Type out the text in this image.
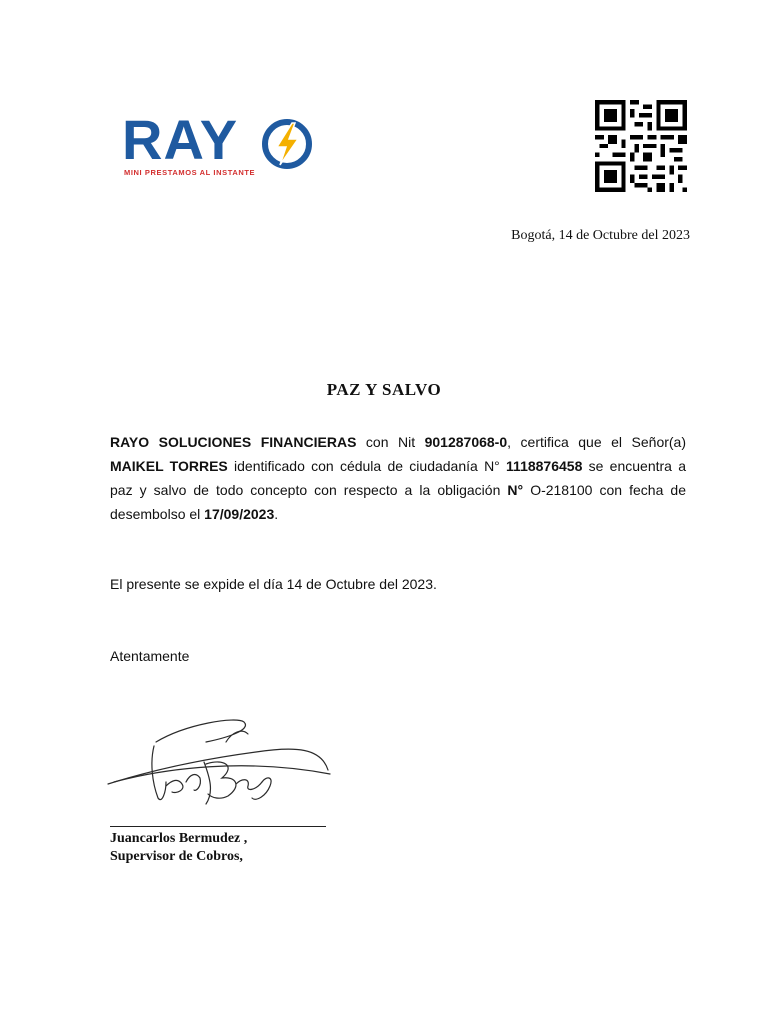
RAY
MINI PRESTAMOS AL INSTANTE
Bogotá, 14 de Octubre del 2023
PAZ Y SALVO
RAYO SOLUCIONES FINANCIERAS con Nit 901287068-0, certifica que el Señor(a) MAIKEL TORRES identificado con cédula de ciudadanía N° 1118876458 se encuentra a paz y salvo de todo concepto con respecto a la obligación N° O-218100 con fecha de desembolso el 17/09/2023.
El presente se expide el día 14 de Octubre del 2023.
Atentamente
Juancarlos Bermudez ,
Supervisor de Cobros,
